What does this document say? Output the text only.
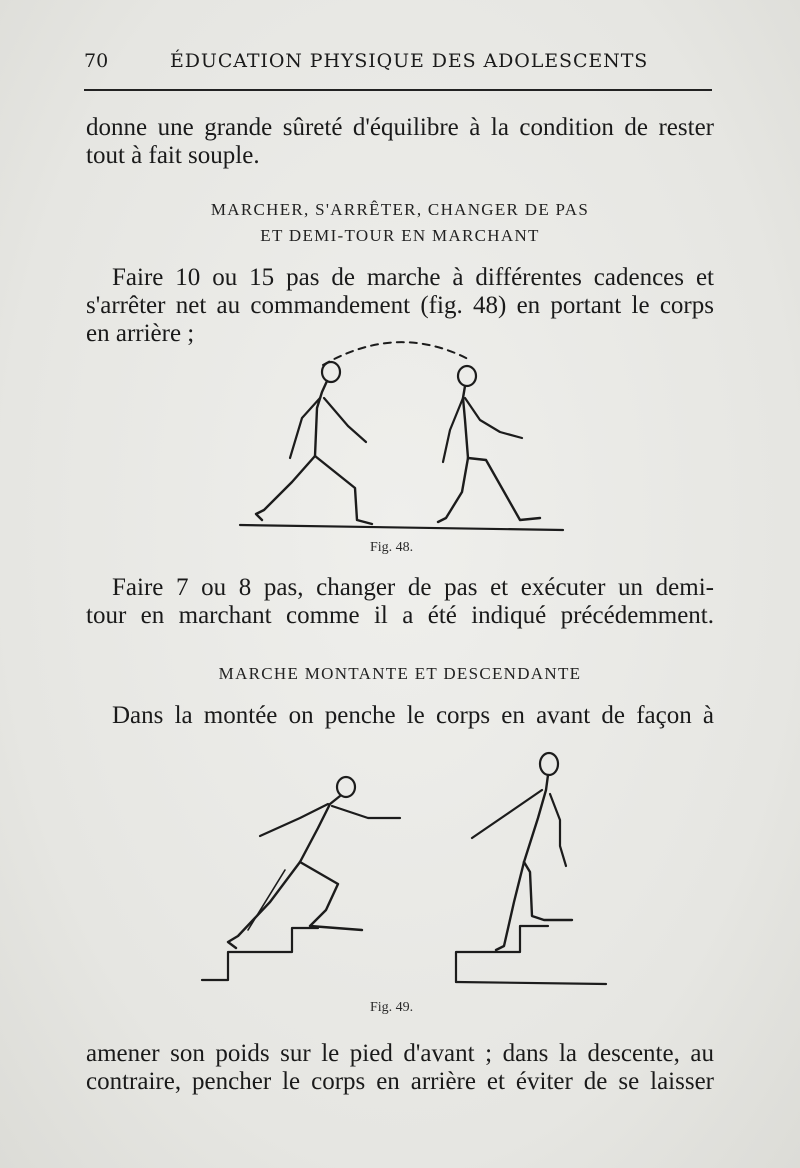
70	ÉDUCATION PHYSIQUE DES ADOLESCENTS
donne une grande sûreté d'équilibre à la condition de rester
tout à fait souple.
MARCHER, S'ARRÊTER, CHANGER DE PAS
ET DEMI-TOUR EN MARCHANT
Faire 10 ou 15 pas de marche à différentes cadences et
s'arrêter net au commandement (fig. 48) en portant le corps
en arrière ;
Fig. 48.
Faire 7 ou 8 pas, changer de pas et exécuter un demi-
tour en marchant comme il a été indiqué précédemment.
MARCHE MONTANTE ET DESCENDANTE
Dans la montée on penche le corps en avant de façon à
Fig. 49.
amener son poids sur le pied d'avant ; dans la descente, au
contraire, pencher le corps en arrière et éviter de se laisser
